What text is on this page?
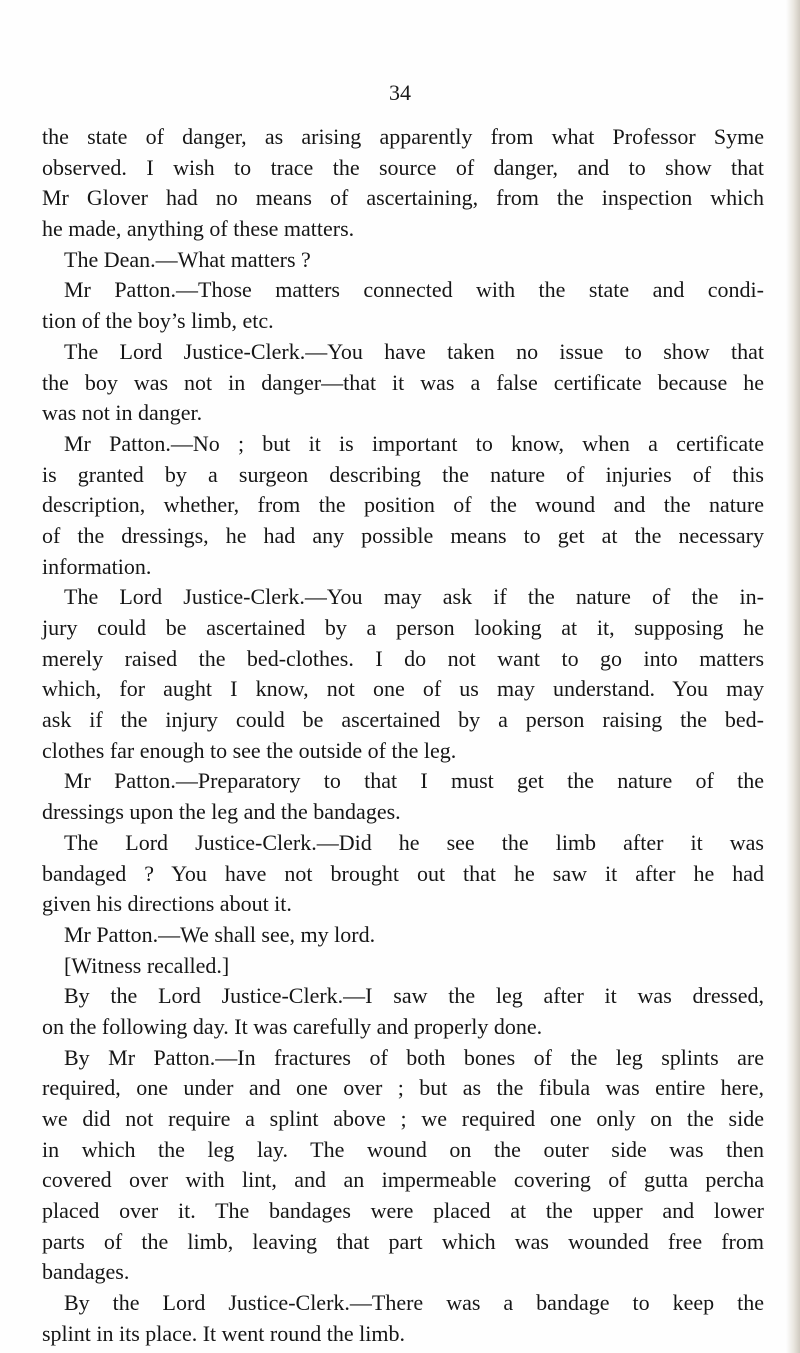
34
the state of danger, as arising apparently from what Professor Syme
observed. I wish to trace the source of danger, and to show that
Mr Glover had no means of ascertaining, from the inspection which
he made, anything of these matters.
The Dean.—What matters ?
Mr Patton.—Those matters connected with the state and condi-
tion of the boy’s limb, etc.
The Lord Justice-Clerk.—You have taken no issue to show that
the boy was not in danger—that it was a false certificate because he
was not in danger.
Mr Patton.—No ; but it is important to know, when a certificate
is granted by a surgeon describing the nature of injuries of this
description, whether, from the position of the wound and the nature
of the dressings, he had any possible means to get at the necessary
information.
The Lord Justice-Clerk.—You may ask if the nature of the in-
jury could be ascertained by a person looking at it, supposing he
merely raised the bed-clothes. I do not want to go into matters
which, for aught I know, not one of us may understand. You may
ask if the injury could be ascertained by a person raising the bed-
clothes far enough to see the outside of the leg.
Mr Patton.—Preparatory to that I must get the nature of the
dressings upon the leg and the bandages.
The Lord Justice-Clerk.—Did he see the limb after it was
bandaged ? You have not brought out that he saw it after he had
given his directions about it.
Mr Patton.—We shall see, my lord.
[Witness recalled.]
By the Lord Justice-Clerk.—I saw the leg after it was dressed,
on the following day. It was carefully and properly done.
By Mr Patton.—In fractures of both bones of the leg splints are
required, one under and one over ; but as the fibula was entire here,
we did not require a splint above ; we required one only on the side
in which the leg lay. The wound on the outer side was then
covered over with lint, and an impermeable covering of gutta percha
placed over it. The bandages were placed at the upper and lower
parts of the limb, leaving that part which was wounded free from
bandages.
By the Lord Justice-Clerk.—There was a bandage to keep the
splint in its place. It went round the limb.
